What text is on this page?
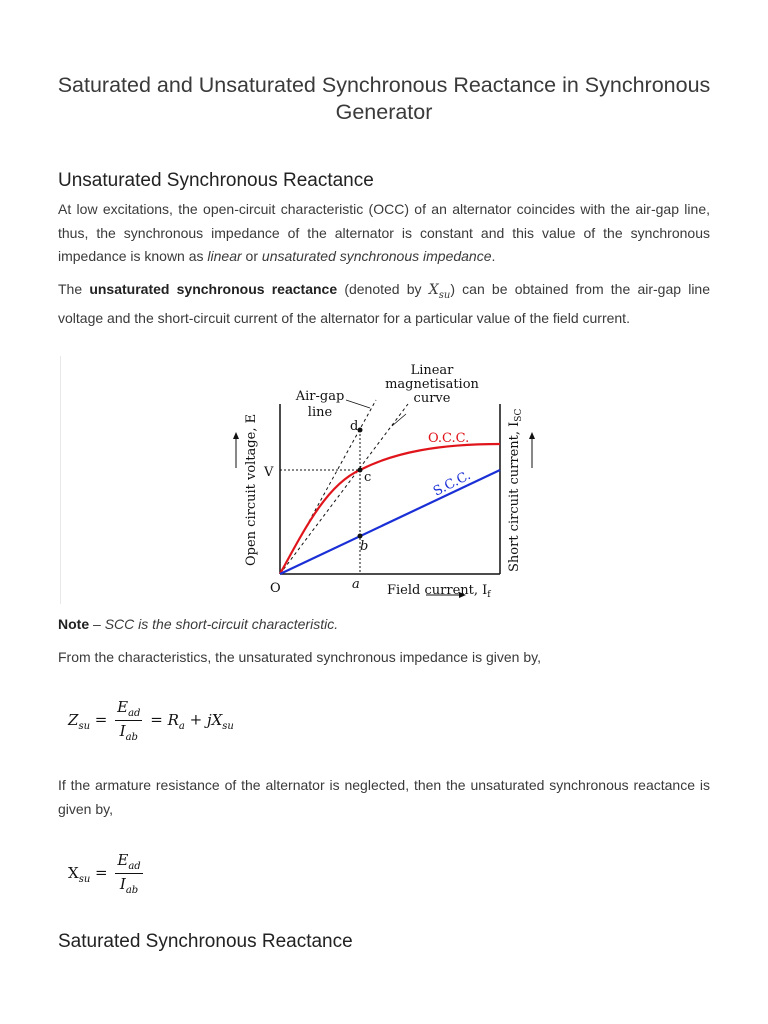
Saturated and Unsaturated Synchronous Reactance in Synchronous Generator
Unsaturated Synchronous Reactance

At low excitations, the open-circuit characteristic (OCC) of an alternator coincides with the air-gap line, thus, the synchronous impedance of the alternator is constant and this value of the synchronous impedance is known as linear or unsaturated synchronous impedance.

The unsaturated synchronous reactance (denoted by $X_{su}$) can be obtained from the air-gap line voltage and the short-circuit current of the alternator for a particular value of the field current.

Linear
magnetisation
curve
Air-gap
line
O.C.C.
S.C.C.
d
c
b
a
O
V
Field current, $I_f$
Open circuit voltage, E	Short circuit current, $I_{SC}$

Note – SCC is the short-circuit characteristic.

From the characteristics, the unsaturated synchronous impedance is given by,

$Z_{su} = \frac{E_{ad}}{I_{ab}} = R_a + jX_{su}$

If the armature resistance of the alternator is neglected, then the unsaturated synchronous reactance is given by,

$X_{su} = \frac{E_{ad}}{I_{ab}}$
Saturated Synchronous Reactance
